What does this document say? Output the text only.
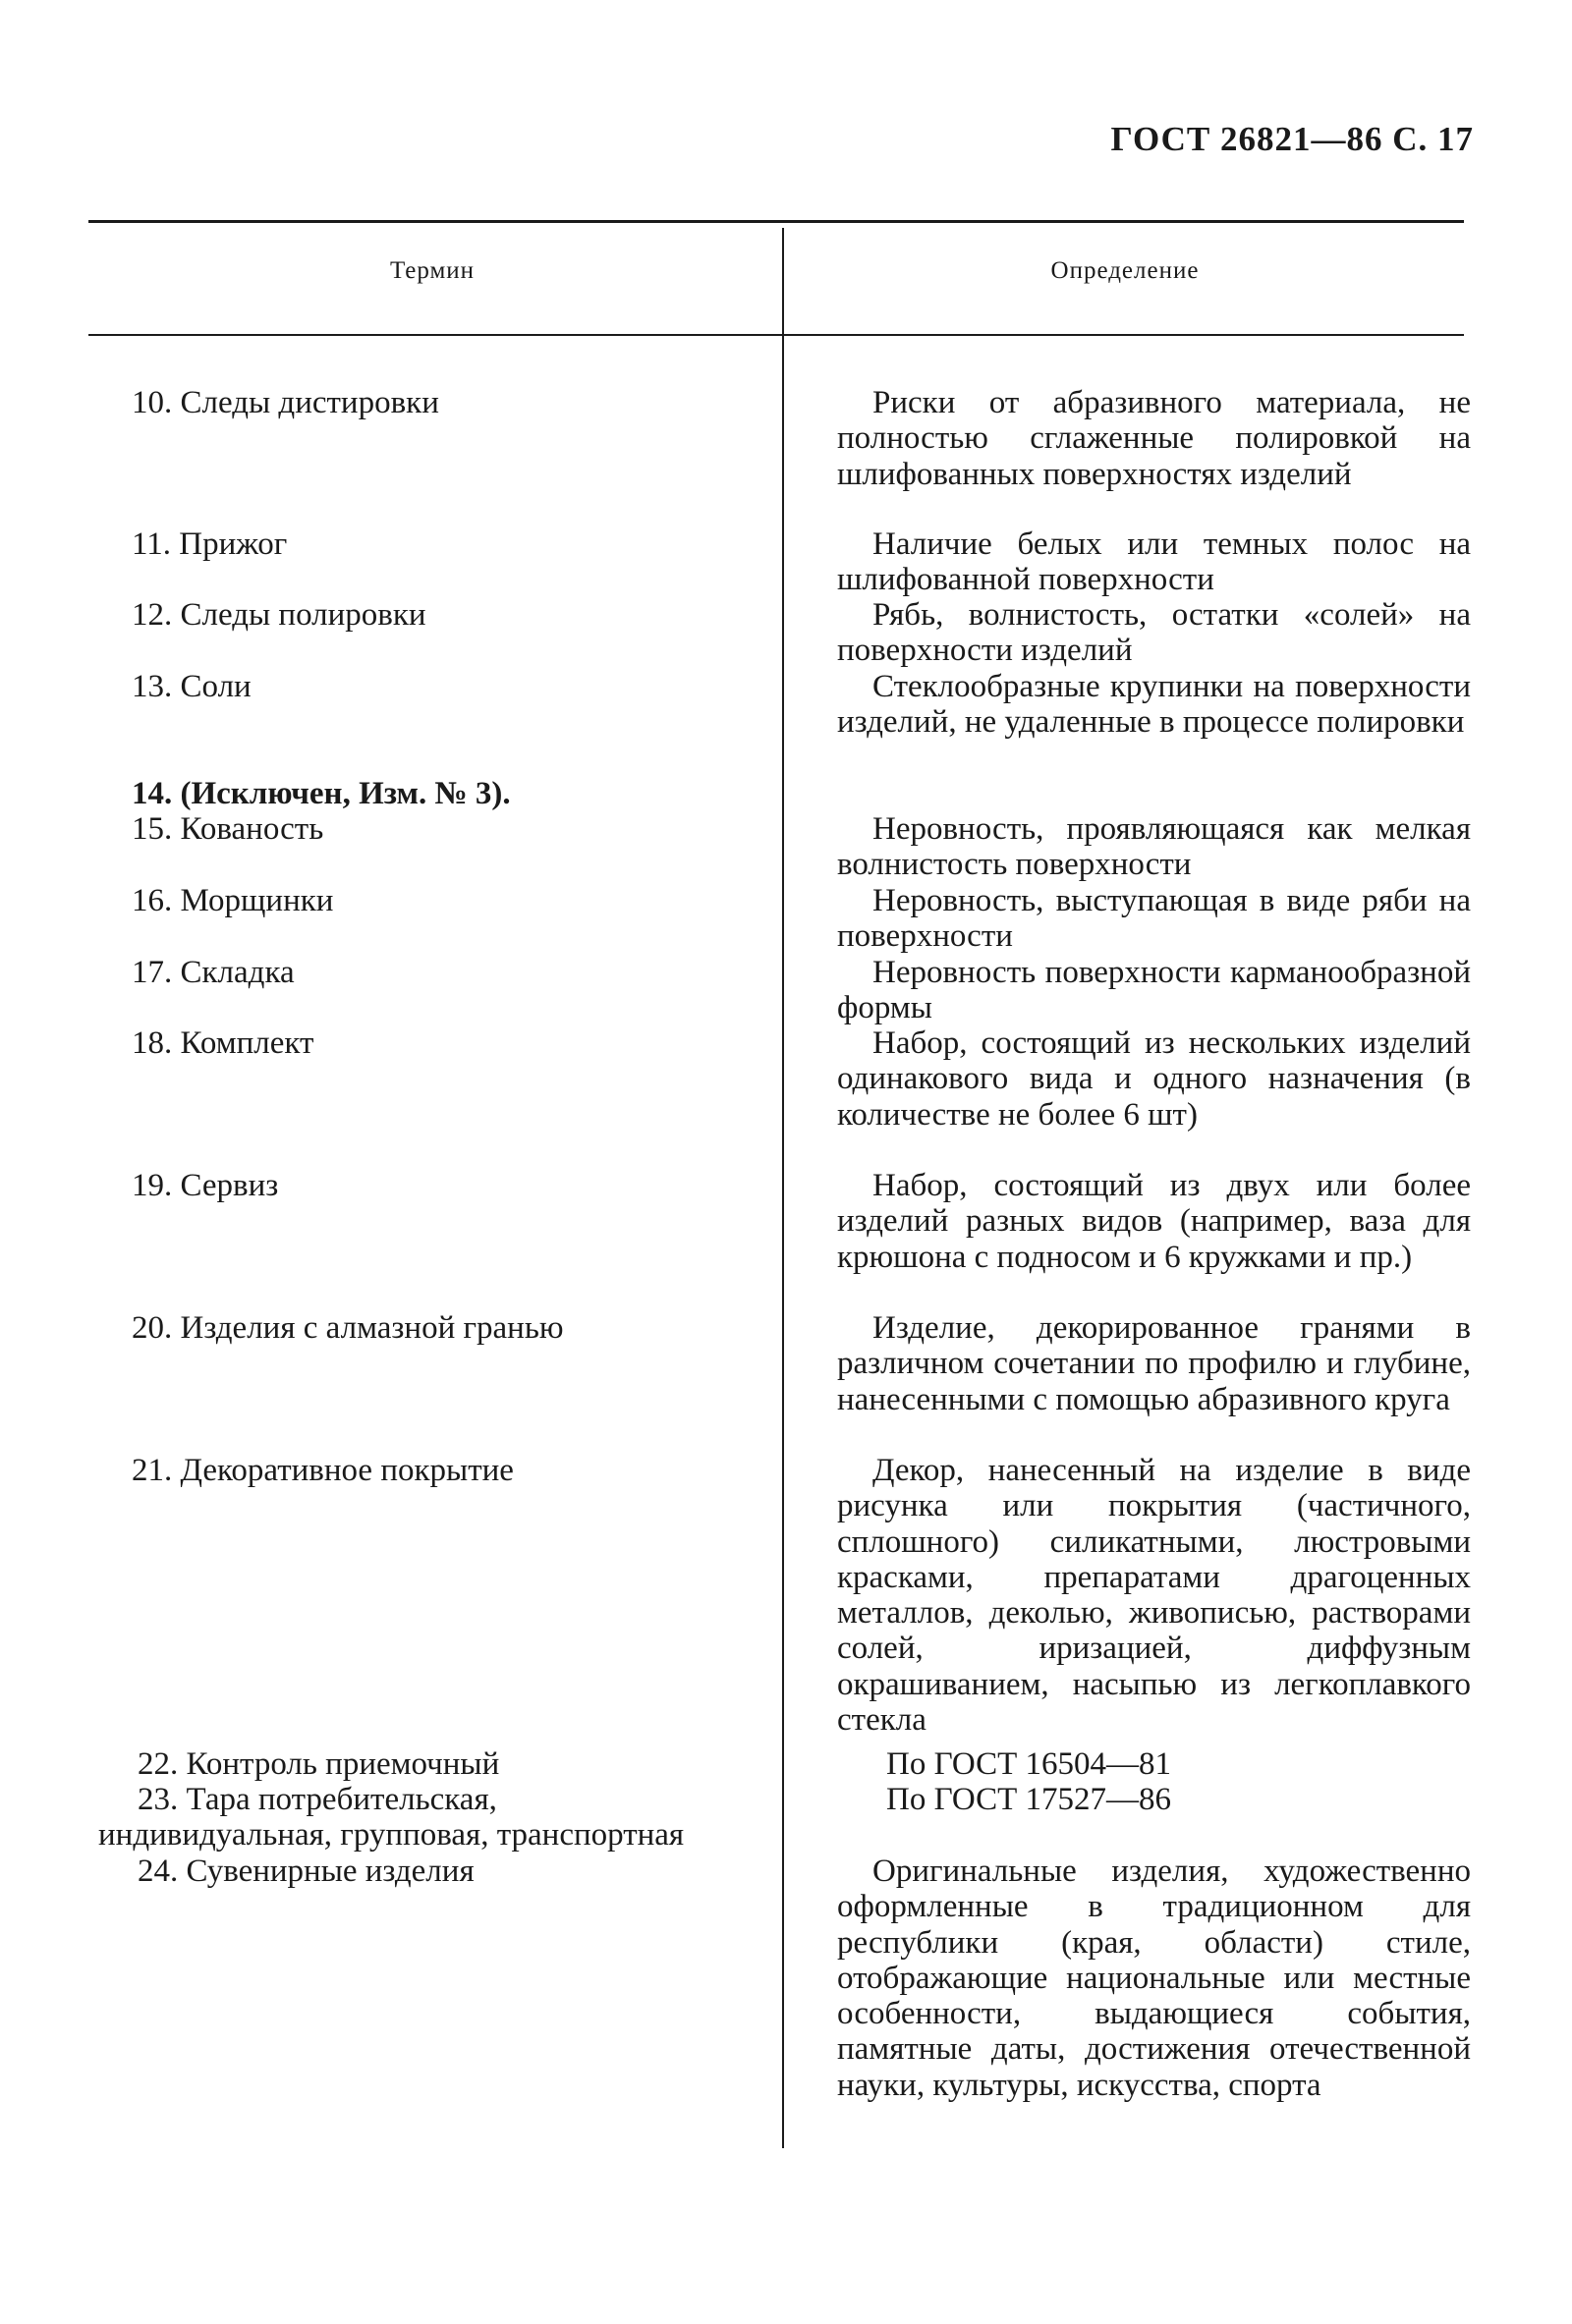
ГОСТ 26821—86 С. 17
Термин	Определение
10. Следы дистировки
11. Прижог
12. Следы полировки
13. Соли
14. (Исключен, Изм. № 3).
15. Кованость
16. Морщинки
17. Складка
18. Комплект
19. Сервиз
20. Изделия с алмазной гранью
21. Декоративное покрытие
22. Контроль приемочный
23. Тара потребительская, индивидуальная, групповая, транспортная
24. Сувенирные изделия
Риски от абразивного материала, не полностью сглаженные полировкой на шлифованных поверхностях изделий
Наличие белых или темных полос на шлифованной поверхности
Рябь, волнистость, остатки «солей» на поверхности изделий
Стеклообразные крупинки на поверхности изделий, не удаленные в процессе полировки
Неровность, проявляющаяся как мелкая волнистость поверхности
Неровность, выступающая в виде ряби на поверхности
Неровность поверхности карманообразной формы
Набор, состоящий из нескольких изделий одинакового вида и одного назначения (в количестве не более 6 шт)
Набор, состоящий из двух или более изделий разных видов (например, ваза для крюшона с подносом и 6 кружками и пр.)
Изделие, декорированное гранями в различном сочетании по профилю и глубине, нанесенными с помощью абразивного круга
Декор, нанесенный на изделие в виде рисунка или покрытия (частичного, сплошного) силикатными, люстровыми красками, препаратами драгоценных металлов, деколью, живописью, растворами солей, иризацией, диффузным окрашиванием, насыпью из легкоплавкого стекла
По ГОСТ 16504—81
По ГОСТ 17527—86
Оригинальные изделия, художественно оформленные в традиционном для республики (края, области) стиле, отображающие национальные или местные особенности, выдающиеся события, памятные даты, достижения отечественной науки, культуры, искусства, спорта
